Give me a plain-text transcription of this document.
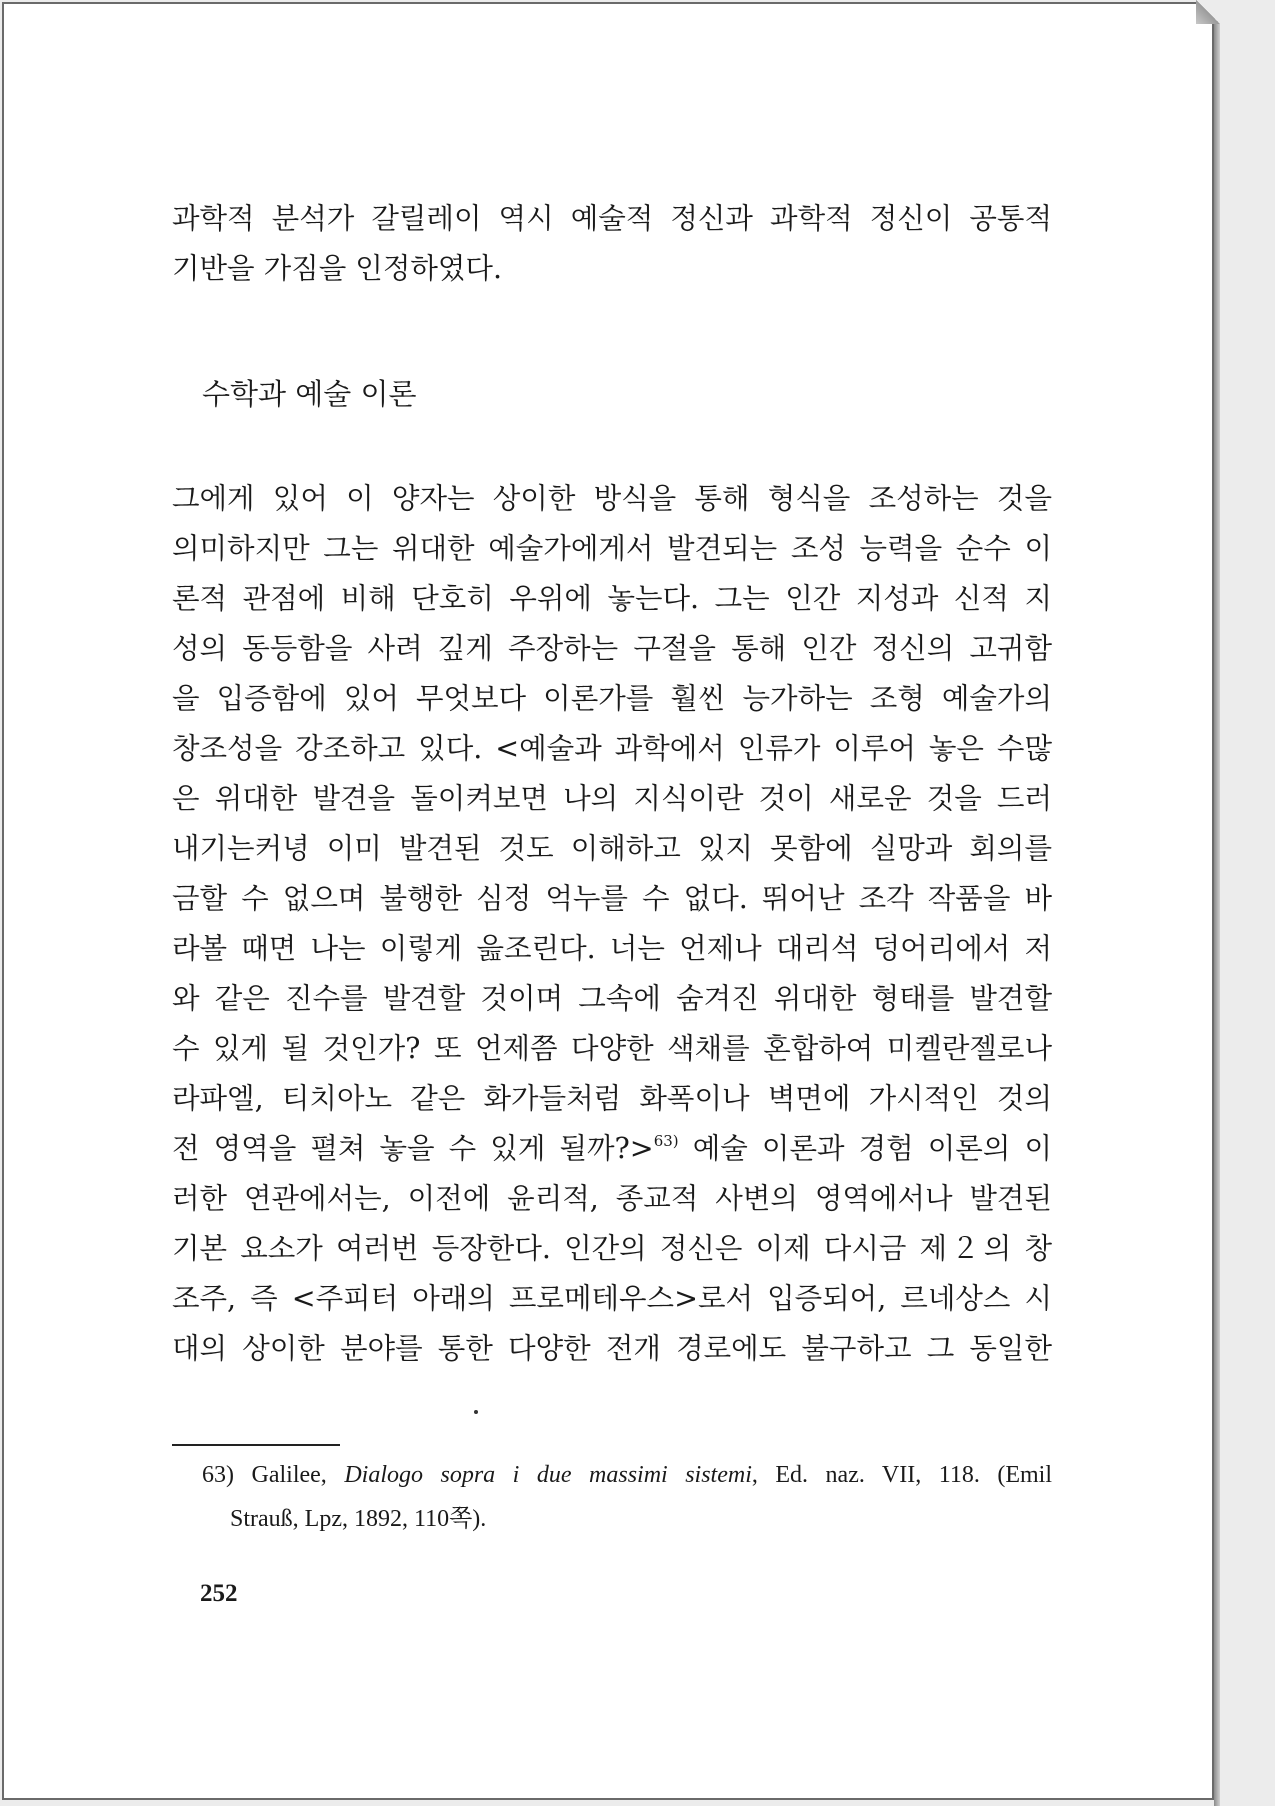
과학적 분석가 갈릴레이 역시 예술적 정신과 과학적 정신이 공통적
기반을 가짐을 인정하였다.
수학과 예술 이론
그에게 있어 이 양자는 상이한 방식을 통해 형식을 조성하는 것을
의미하지만 그는 위대한 예술가에게서 발견되는 조성 능력을 순수 이
론적 관점에 비해 단호히 우위에 놓는다. 그는 인간 지성과 신적 지
성의 동등함을 사려 깊게 주장하는 구절을 통해 인간 정신의 고귀함
을 입증함에 있어 무엇보다 이론가를 훨씬 능가하는 조형 예술가의
창조성을 강조하고 있다. <예술과 과학에서 인류가 이루어 놓은 수많
은 위대한 발견을 돌이켜보면 나의 지식이란 것이 새로운 것을 드러
내기는커녕 이미 발견된 것도 이해하고 있지 못함에 실망과 회의를
금할 수 없으며 불행한 심정 억누를 수 없다. 뛰어난 조각 작품을 바
라볼 때면 나는 이렇게 읊조린다. 너는 언제나 대리석 덩어리에서 저
와 같은 진수를 발견할 것이며 그속에 숨겨진 위대한 형태를 발견할
수 있게 될 것인가? 또 언제쯤 다양한 색채를 혼합하여 미켈란젤로나
라파엘, 티치아노 같은 화가들처럼 화폭이나 벽면에 가시적인 것의
전 영역을 펼쳐 놓을 수 있게 될까?>$^{63)}$ 예술 이론과 경험 이론의 이
러한 연관에서는, 이전에 윤리적, 종교적 사변의 영역에서나 발견된
기본 요소가 여러번 등장한다. 인간의 정신은 이제 다시금 제２의 창
조주, 즉 <주피터 아래의 프로메테우스>로서 입증되어, 르네상스 시
대의 상이한 분야를 통한 다양한 전개 경로에도 불구하고 그 동일한
63) Galilee, Dialogo sopra i due massimi sistemi, Ed. naz. VII, 118. (Emil
Strauß, Lpz, 1892, 110쪽).
252
